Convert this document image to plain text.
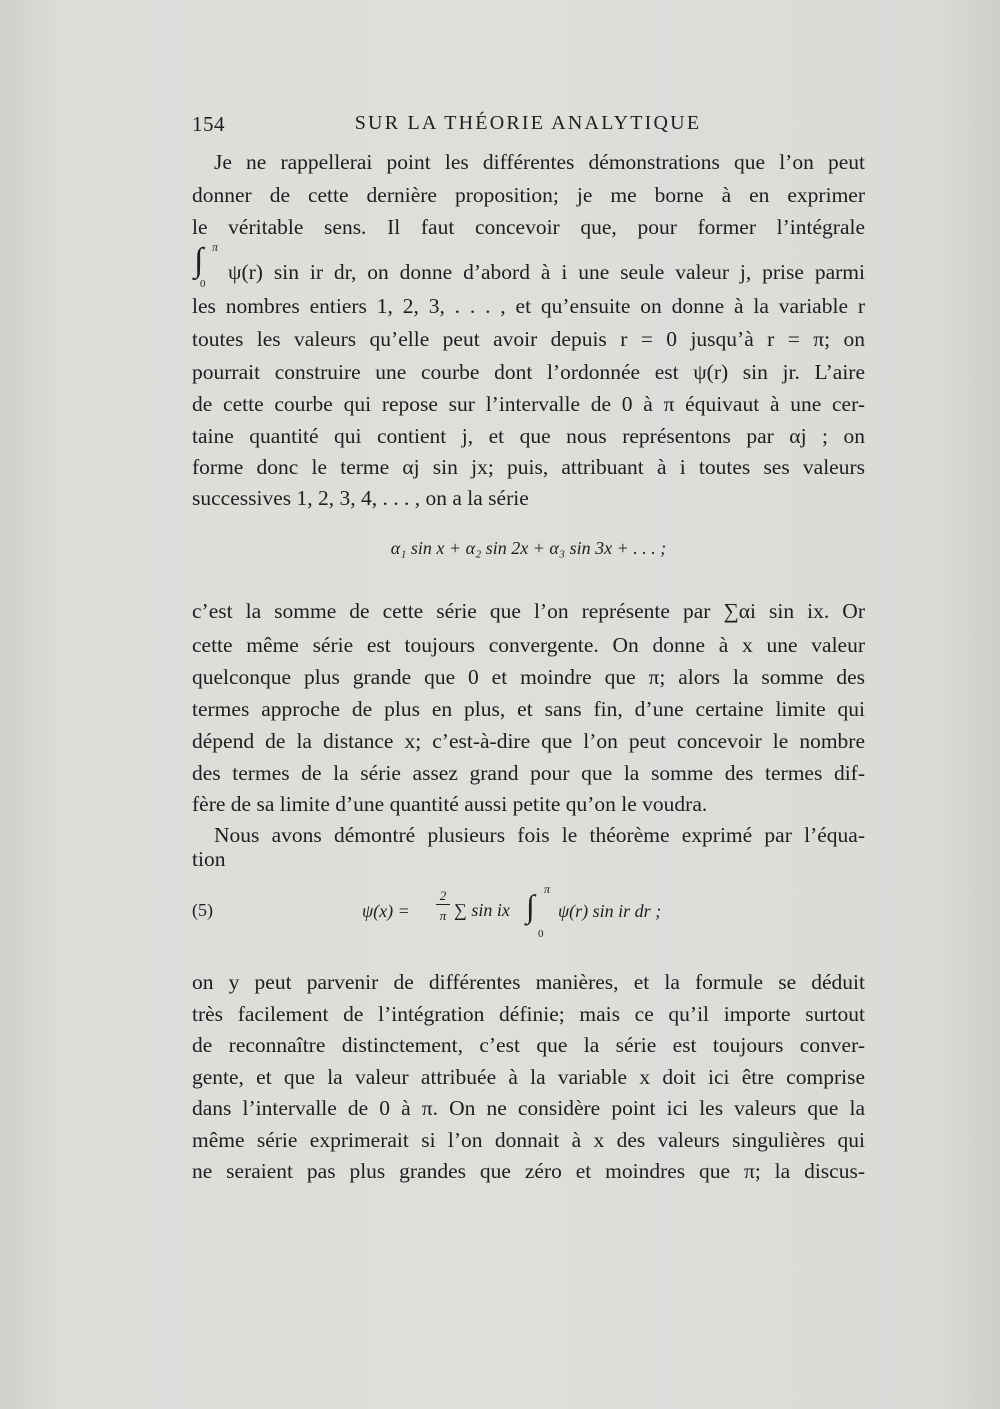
154	SUR LA THÉORIE ANALYTIQUE
Je ne rappellerai point les différentes démonstrations que l’on peut
donner de cette dernière proposition; je me borne à en exprimer
le véritable sens. Il faut concevoir que, pour former l’intégrale
ψ(r) sin ir dr, on donne d’abord à i une seule valeur j, prise parmi
∫ π
0
les nombres entiers 1, 2, 3, . . . , et qu’ensuite on donne à la variable r
toutes les valeurs qu’elle peut avoir depuis r = 0 jusqu’à r = π; on
pourrait construire une courbe dont l’ordonnée est ψ(r) sin jr. L’aire
de cette courbe qui repose sur l’intervalle de 0 à π équivaut à une cer-
taine quantité qui contient j, et que nous représentons par αj ; on
forme donc le terme αj sin jx; puis, attribuant à i toutes ses valeurs
successives 1, 2, 3, 4, . . . , on a la série
α₁ sin x + α₂ sin 2x + α₃ sin 3x + . . . ;
c’est la somme de cette série que l’on représente par ∑αi sin ix. Or
cette même série est toujours convergente. On donne à x une valeur
quelconque plus grande que 0 et moindre que π; alors la somme des
termes approche de plus en plus, et sans fin, d’une certaine limite qui
dépend de la distance x; c’est-à-dire que l’on peut concevoir le nombre
des termes de la série assez grand pour que la somme des termes dif-
fère de sa limite d’une quantité aussi petite qu’on le voudra.
Nous avons démontré plusieurs fois le théorème exprimé par l’équa-
tion
(5)	ψ(x) =
2
π ∑ sin ix ∫ π
0
ψ(r) sin ir dr ;
on y peut parvenir de différentes manières, et la formule se déduit
très facilement de l’intégration définie; mais ce qu’il importe surtout
de reconnaître distinctement, c’est que la série est toujours conver-
gente, et que la valeur attribuée à la variable x doit ici être comprise
dans l’intervalle de 0 à π. On ne considère point ici les valeurs que la
même série exprimerait si l’on donnait à x des valeurs singulières qui
ne seraient pas plus grandes que zéro et moindres que π; la discus-
